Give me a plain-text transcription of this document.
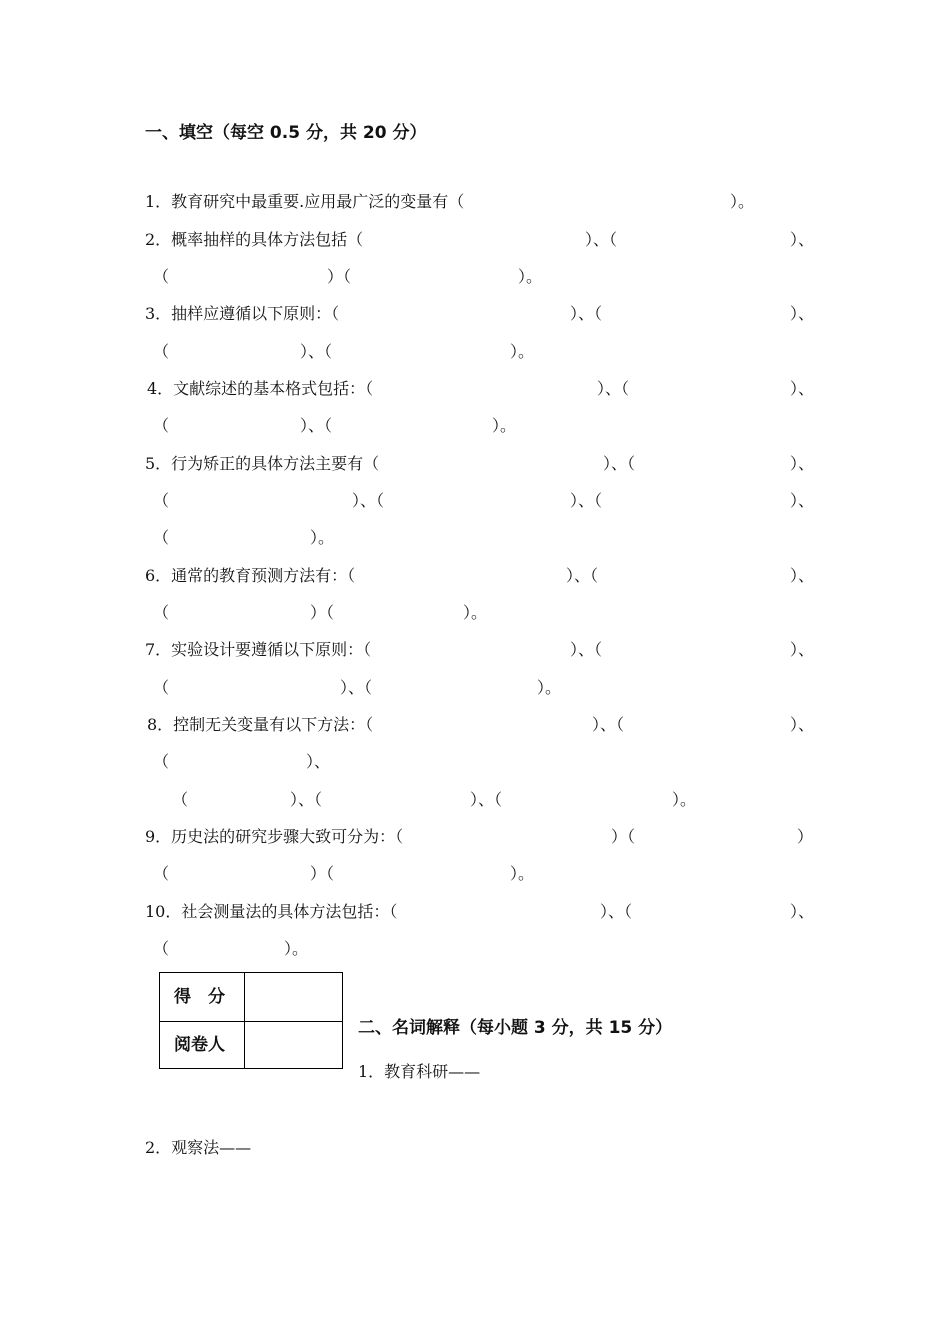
一、填空（每空 0.5 分，共 20 分）
1．教育研究中最重要.应用最广泛的变量有（	）。
2．概率抽样的具体方法包括（	）、（	）、
（	）（	）。
3．抽样应遵循以下原则：（	）、（	）、
（	）、（	）。
4．文献综述的基本格式包括：（	）、（	）、
（	）、（	）。
5．行为矫正的具体方法主要有（	）、（	）、
（	）、（	）、（	）、
（	）。
6．通常的教育预测方法有：（	）、（	）、
（	）（	）。
7．实验设计要遵循以下原则：（	）、（	）、
（	）、（	）。
8．控制无关变量有以下方法：（	）、（	）、
（	）、
（	）、（	）、（	）。
9．历史法的研究步骤大致可分为：（	）（	）
（	）（	）。
10．社会测量法的具体方法包括：（	）、（	）、
（	）。
得　分
阅卷人
二、名词解释（每小题 3 分，共 15 分）
1．教育科研——
2．观察法——
